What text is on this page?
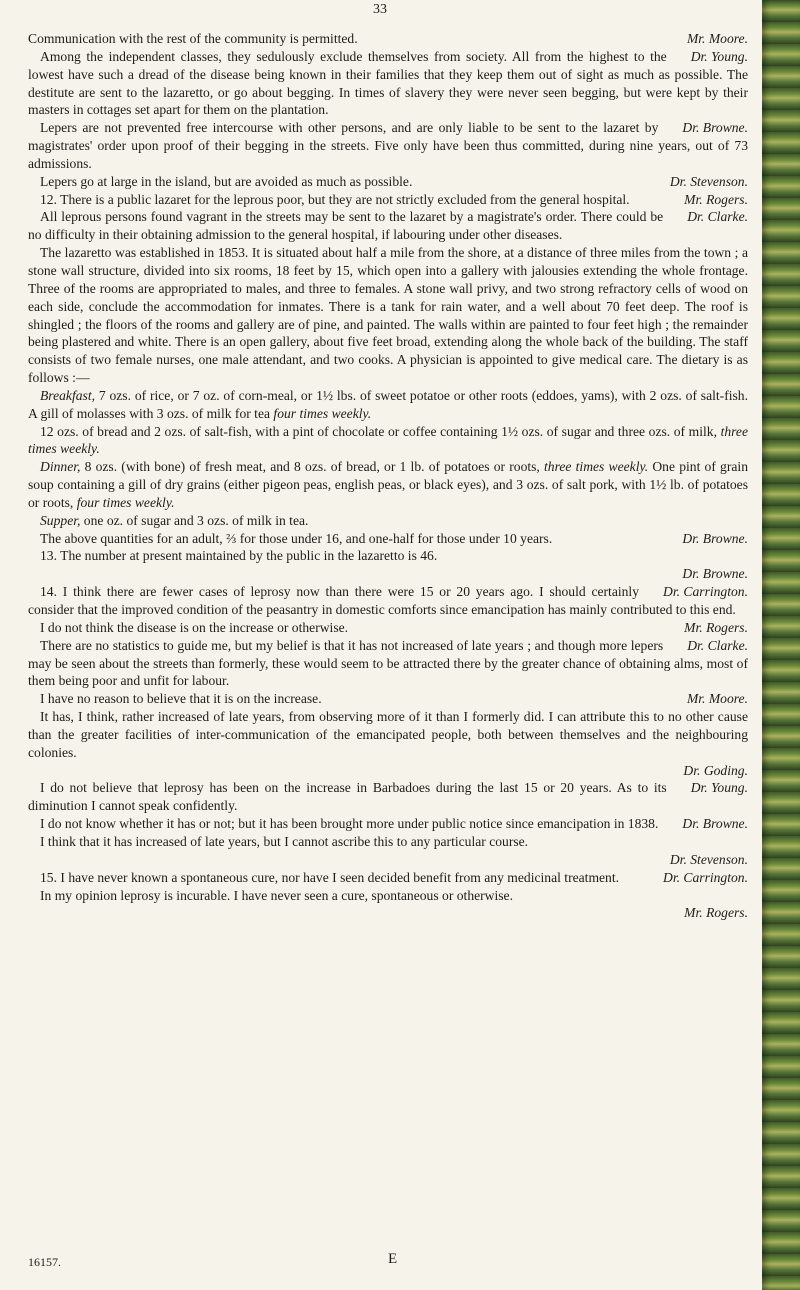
33

Mr. Moore.
Communication with the rest of the community is permitted.

Dr. Young.
Among the independent classes, they sedulously exclude themselves from society. All from the highest to the lowest have such a dread of the disease being known in their families that they keep them out of sight as much as possible. The destitute are sent to the lazaretto, or go about begging. In times of slavery they were never seen begging, but were kept by their masters in cottages set apart for them on the plantation.

Dr. Browne.
Lepers are not prevented free intercourse with other persons, and are only liable to be sent to the lazaret by magistrates' order upon proof of their begging in the streets. Five only have been thus committed, during nine years, out of 73 admissions.

Dr. Stevenson.
Lepers go at large in the island, but are avoided as much as possible.

Mr. Rogers.
12. There is a public lazaret for the leprous poor, but they are not strictly excluded from the general hospital.

Dr. Clarke.
All leprous persons found vagrant in the streets may be sent to the lazaret by a magistrate's order. There could be no difficulty in their obtaining admission to the general hospital, if labouring under other diseases.

The lazaretto was established in 1853. It is situated about half a mile from the shore, at a distance of three miles from the town ; a stone wall structure, divided into six rooms, 18 feet by 15, which open into a gallery with jalousies extending the whole frontage. Three of the rooms are appropriated to males, and three to females. A stone wall privy, and two strong refractory cells of wood on each side, conclude the accommodation for inmates. There is a tank for rain water, and a well about 70 feet deep. The roof is shingled ; the floors of the rooms and gallery are of pine, and painted. The walls within are painted to four feet high ; the remainder being plastered and white. There is an open gallery, about five feet broad, extending along the whole back of the building. The staff consists of two female nurses, one male attendant, and two cooks. A physician is appointed to give medical care. The dietary is as follows :—

Breakfast, 7 ozs. of rice, or 7 oz. of corn-meal, or 1½ lbs. of sweet potatoe or other roots (eddoes, yams), with 2 ozs. of salt-fish. A gill of molasses with 3 ozs. of milk for tea four times weekly.

12 ozs. of bread and 2 ozs. of salt-fish, with a pint of chocolate or coffee containing 1½ ozs. of sugar and three ozs. of milk, three times weekly.

Dinner, 8 ozs. (with bone) of fresh meat, and 8 ozs. of bread, or 1 lb. of potatoes or roots, three times weekly. One pint of grain soup containing a gill of dry grains (either pigeon peas, english peas, or black eyes), and 3 ozs. of salt pork, with 1½ lb. of potatoes or roots, four times weekly.

Supper, one oz. of sugar and 3 ozs. of milk in tea.

Dr. Browne.
The above quantities for an adult, ⅔ for those under 16, and one-half for those under 10 years.

13. The number at present maintained by the public in the lazaretto is 46.

Dr. Browne.

Dr. Carrington.
14. I think there are fewer cases of leprosy now than there were 15 or 20 years ago. I should certainly consider that the improved condition of the peasantry in domestic comforts since emancipation has mainly contributed to this end.

Mr. Rogers.
I do not think the disease is on the increase or otherwise.

Dr. Clarke.
There are no statistics to guide me, but my belief is that it has not increased of late years ; and though more lepers may be seen about the streets than formerly, these would seem to be attracted there by the greater chance of obtaining alms, most of them being poor and unfit for labour.

Mr. Moore.
I have no reason to believe that it is on the increase.

It has, I think, rather increased of late years, from observing more of it than I formerly did. I can attribute this to no other cause than the greater facilities of inter-communication of the emancipated people, both between themselves and the neighbouring colonies.

Dr. Goding.

Dr. Young.
I do not believe that leprosy has been on the increase in Barbadoes during the last 15 or 20 years. As to its diminution I cannot speak confidently.

Dr. Browne.
I do not know whether it has or not; but it has been brought more under public notice since emancipation in 1838.

I think that it has increased of late years, but I cannot ascribe this to any particular course.

Dr. Stevenson.

Dr. Carrington.
15. I have never known a spontaneous cure, nor have I seen decided benefit from any medicinal treatment.

In my opinion leprosy is incurable. I have never seen a cure, spontaneous or otherwise.

Mr. Rogers.

16157.	E
